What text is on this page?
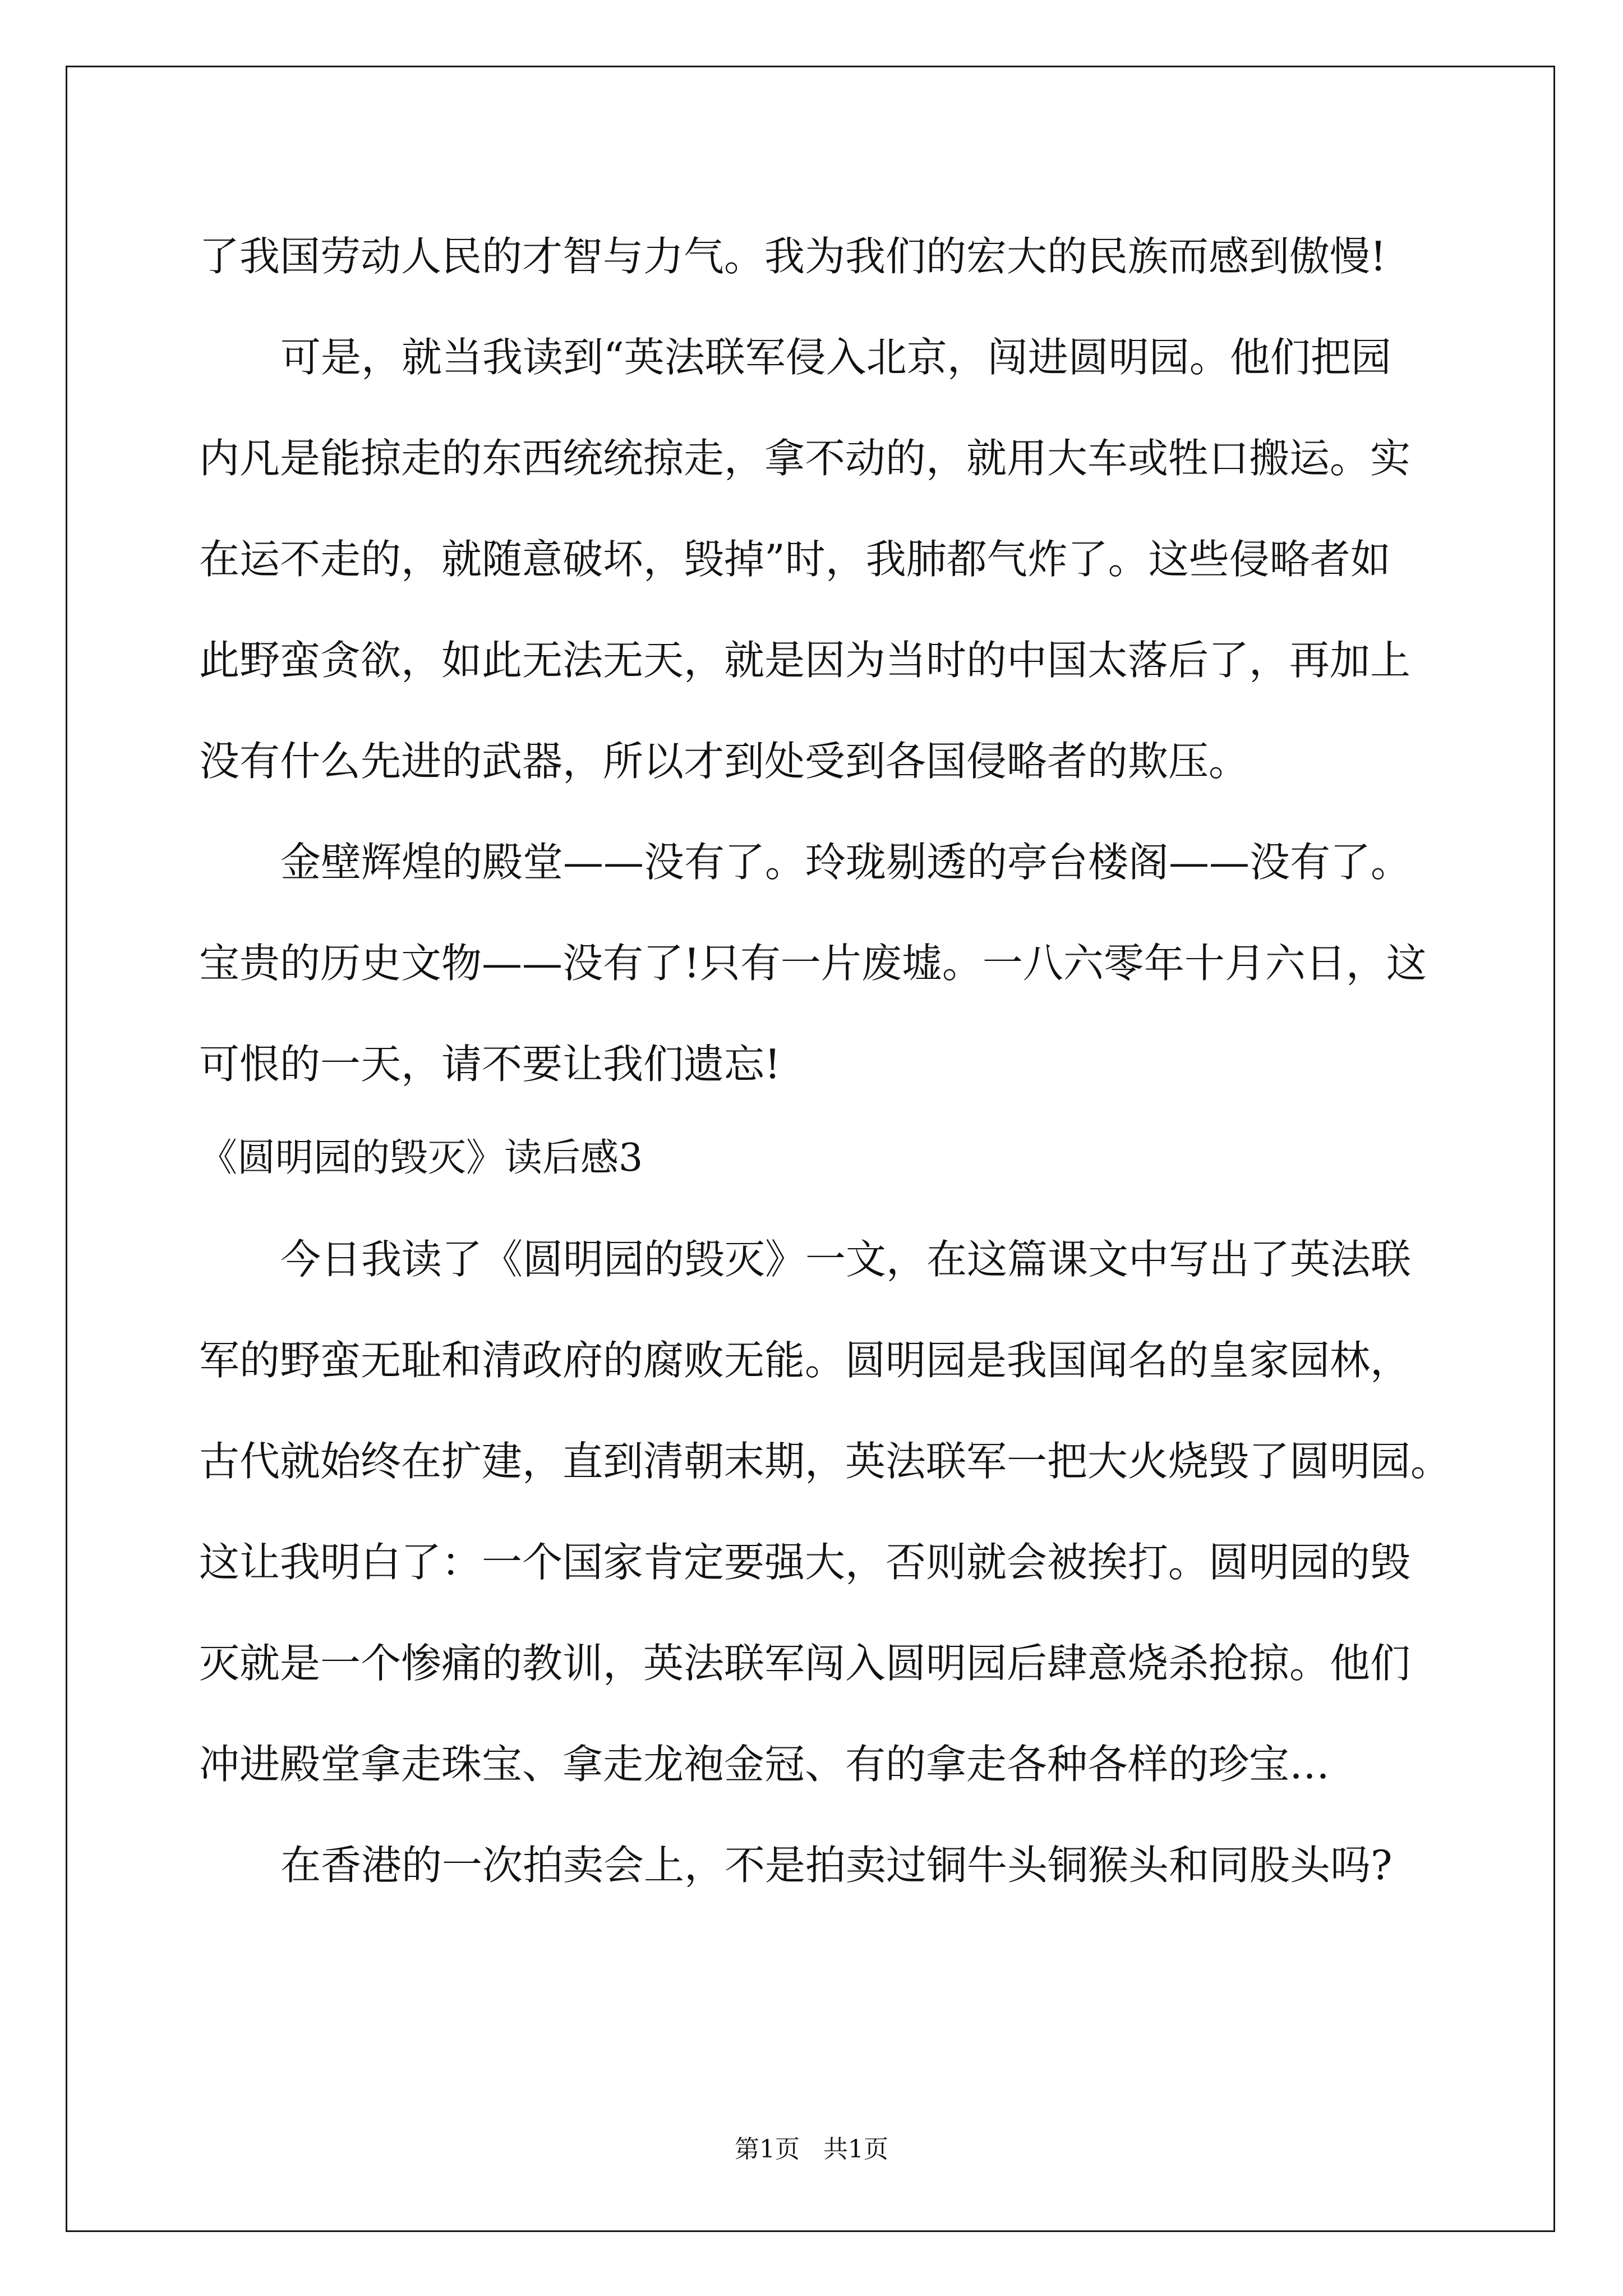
了我国劳动人民的才智与力气。我为我们的宏大的民族而感到傲慢!
可是，就当我读到“英法联军侵入北京，闯进圆明园。他们把园
内凡是能掠走的东西统统掠走，拿不动的，就用大车或牲口搬运。实
在运不走的，就随意破坏，毁掉”时，我肺都气炸了。这些侵略者如
此野蛮贪欲，如此无法无天，就是因为当时的中国太落后了，再加上
没有什么先进的武器，所以才到处受到各国侵略者的欺压。
金壁辉煌的殿堂——没有了。玲珑剔透的亭台楼阁——没有了。
宝贵的历史文物——没有了!只有一片废墟。一八六零年十月六日，这
可恨的一天，请不要让我们遗忘!
《圆明园的毁灭》读后感3
今日我读了《圆明园的毁灭》一文，在这篇课文中写出了英法联
军的野蛮无耻和清政府的腐败无能。圆明园是我国闻名的皇家园林，
古代就始终在扩建，直到清朝末期，英法联军一把大火烧毁了圆明园。
这让我明白了：一个国家肯定要强大，否则就会被挨打。圆明园的毁
灭就是一个惨痛的教训，英法联军闯入圆明园后肆意烧杀抢掠。他们
冲进殿堂拿走珠宝、拿走龙袍金冠、有的拿走各种各样的珍宝…
在香港的一次拍卖会上，不是拍卖过铜牛头铜猴头和同股头吗?
第1页 共1页
